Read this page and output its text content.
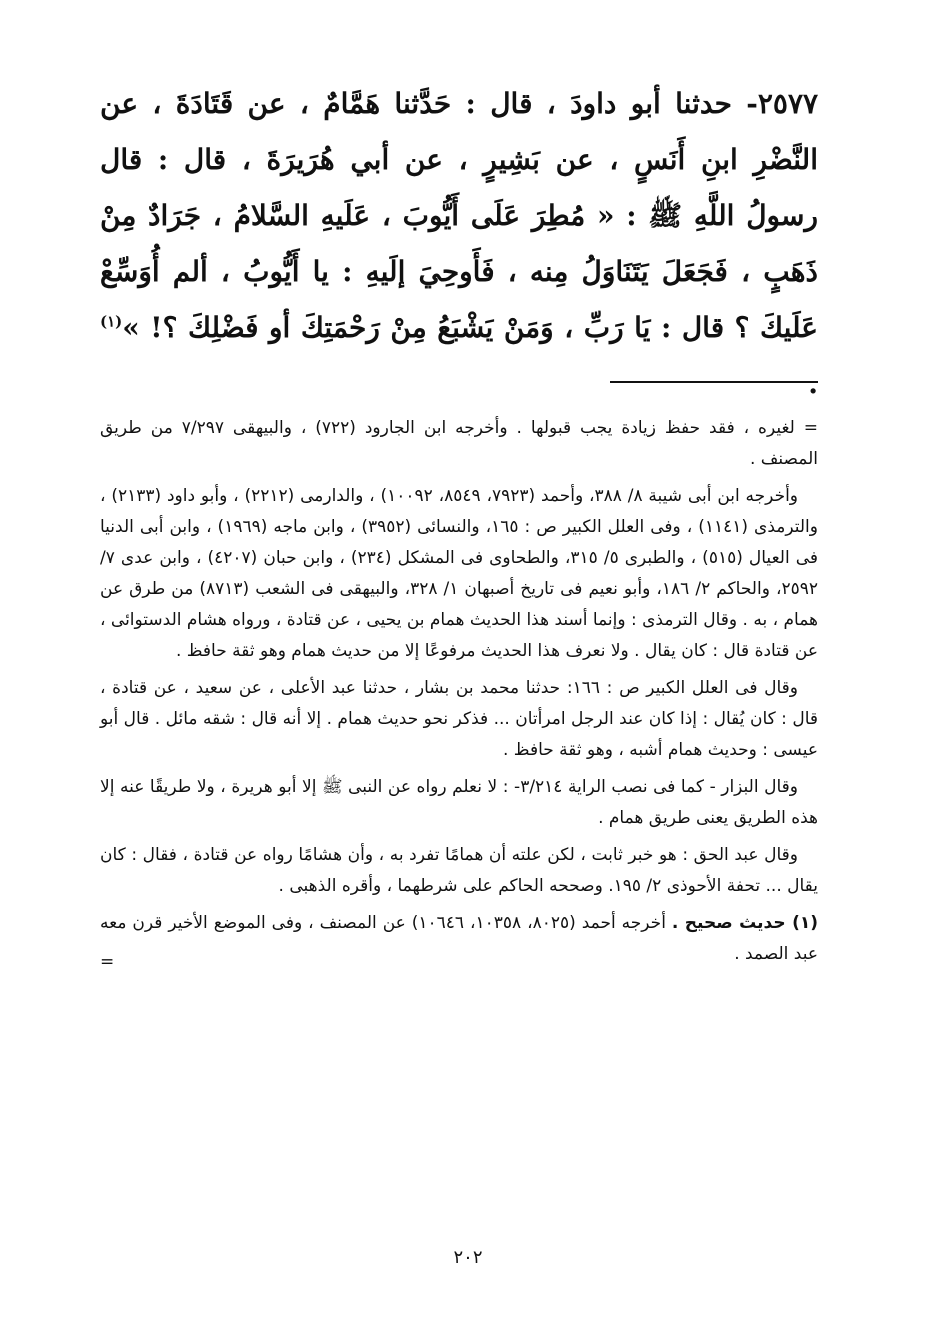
٢٥٧٧- حدثنا أبو داودَ ، قال : حَدَّثنا هَمَّامٌ ، عن قَتَادَةَ ، عن النَّضْرِ ابنِ أَنَسٍ ، عن بَشِيرٍ ، عن أبي هُرَيرَةَ ، قال : قال رسولُ اللَّهِ ﷺ : « مُطِرَ عَلَى أَيُّوبَ ، عَلَيهِ السَّلامُ ، جَرَادٌ مِنْ ذَهَبٍ ، فَجَعَلَ يَتَنَاوَلُ مِنه ، فَأَوحِيَ إلَيهِ : يا أَيُّوبُ ، ألم أُوَسِّعْ عَلَيكَ ؟ قال : يَا رَبِّ ، وَمَنْ يَشْبَعُ مِنْ رَحْمَتِكَ أو فَضْلِكَ ؟! »$^{(١)}$ .

= لغيره ، فقد حفظ زيادة يجب قبولها . وأخرجه ابن الجارود (٧٢٢) ، والبيهقى ٧/٢٩٧ من طريق المصنف .

وأخرجه ابن أبى شيبة ٨/ ٣٨٨، وأحمد (٧٩٢٣، ٨٥٤٩، ١٠٠٩٢) ، والدارمى (٢٢١٢) ، وأبو داود (٢١٣٣) ، والترمذى (١١٤١) ، وفى العلل الكبير ص : ١٦٥، والنسائى (٣٩٥٢) ، وابن ماجه (١٩٦٩) ، وابن أبى الدنيا فى العيال (٥١٥) ، والطبرى ٥/ ٣١٥، والطحاوى فى المشكل (٢٣٤) ، وابن حبان (٤٢٠٧) ، وابن عدى ٧/ ٢٥٩٢، والحاكم ٢/ ١٨٦، وأبو نعيم فى تاريخ أصبهان ١/ ٣٢٨، والبيهقى فى الشعب (٨٧١٣) من طرق عن همام ، به . وقال الترمذى : وإنما أسند هذا الحديث همام بن يحيى ، عن قتادة ، ورواه هشام الدستوائى ، عن قتادة قال : كان يقال . ولا نعرف هذا الحديث مرفوعًا إلا من حديث همام وهو ثقة حافظ .

وقال فى العلل الكبير ص : ١٦٦: حدثنا محمد بن بشار ، حدثنا عبد الأعلى ، عن سعيد ، عن قتادة ، قال : كان يُقال : إذا كان عند الرجل امرأتان ... فذكر نحو حديث همام . إلا أنه قال : شقه مائل . قال أبو عيسى : وحديث همام أشبه ، وهو ثقة حافظ .

وقال البزار - كما فى نصب الراية ٣/٢١٤- : لا نعلم رواه عن النبى ﷺ إلا أبو هريرة ، ولا طريقًا عنه إلا هذه الطريق يعنى طريق همام .

وقال عبد الحق : هو خبر ثابت ، لكن علته أن همامًا تفرد به ، وأن هشامًا رواه عن قتادة ، فقال : كان يقال ... تحفة الأحوذى ٢/ ١٩٥. وصححه الحاكم على شرطهما ، وأقره الذهبى .

(١) حديث صحيح . أخرجه أحمد (٨٠٢٥، ١٠٣٥٨، ١٠٦٤٦) عن المصنف ، وفى الموضع الأخير قرن معه عبد الصمد .

=
٢٠٢
